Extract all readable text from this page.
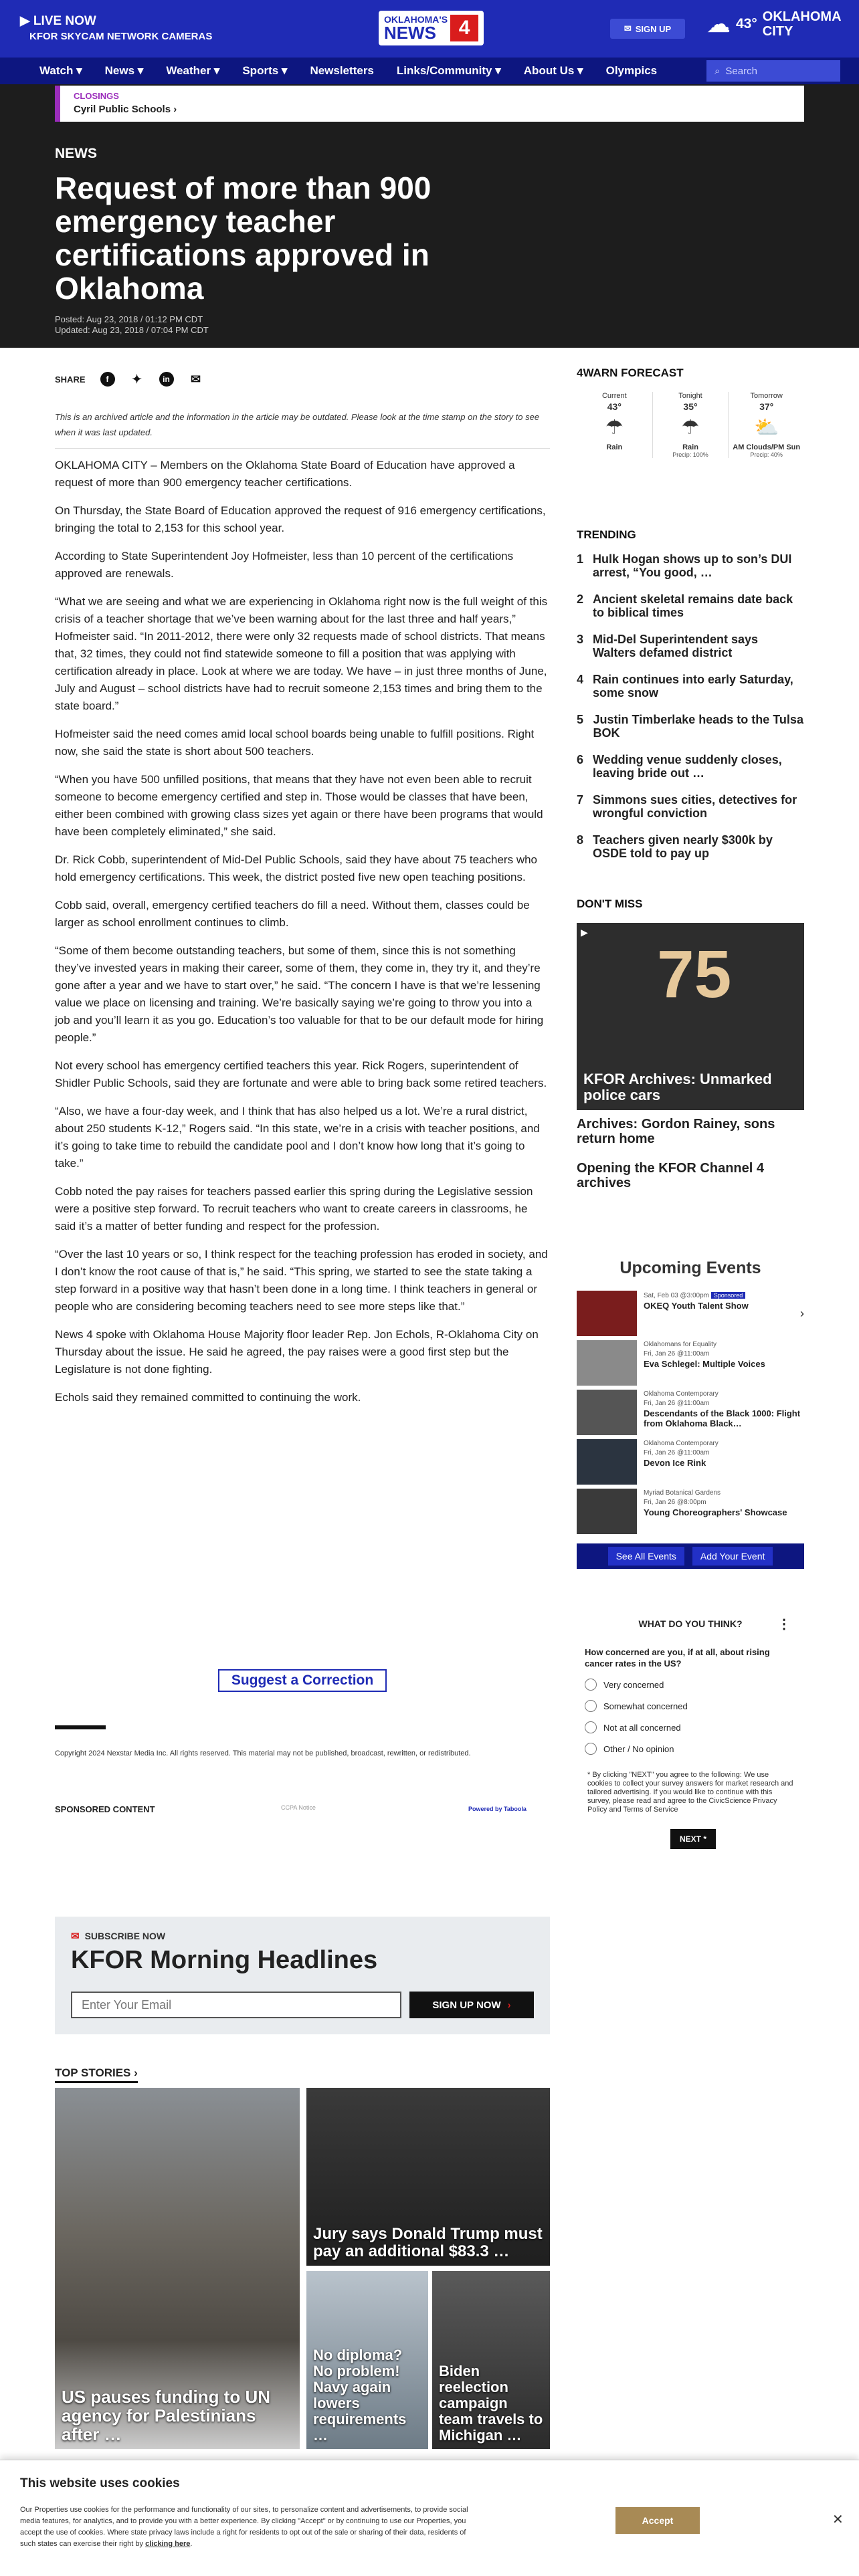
▶ LIVE NOW
KFOR SKYCAM NETWORK CAMERAS
OKLAHOMA'S
NEWS	4	✉ SIGN UP ☁ 43° OKLAHOMA
CITY
Watch ▾	News ▾	Weather ▾	Sports ▾	Newsletters	Links/Community ▾	About Us ▾	Olympics	⌕ Search
CLOSINGS
Cyril Public Schools ›
NEWS
Request of more than 900 emergency teacher certifications approved in Oklahoma
Posted: Aug 23, 2018 / 01:12 PM CDT
Updated: Aug 23, 2018 / 07:04 PM CDT
SHARE	f	✦	in	✉
This is an archived article and the information in the article may be outdated. Please look at the time stamp on the story to see when it was last updated.

OKLAHOMA CITY – Members on the Oklahoma State Board of Education have approved a request of more than 900 emergency teacher certifications.

On Thursday, the State Board of Education approved the request of 916 emergency certifications, bringing the total to 2,153 for this school year.

According to State Superintendent Joy Hofmeister, less than 10 percent of the certifications approved are renewals.

“What we are seeing and what we are experiencing in Oklahoma right now is the full weight of this crisis of a teacher shortage that we’ve been warning about for the last three and half years,” Hofmeister said. “In 2011-2012, there were only 32 requests made of school districts. That means that, 32 times, they could not find statewide someone to fill a position that was applying with certification already in place. Look at where we are today. We have – in just three months of June, July and August – school districts have had to recruit someone 2,153 times and bring them to the state board.”

Hofmeister said the need comes amid local school boards being unable to fulfill positions. Right now, she said the state is short about 500 teachers.

“When you have 500 unfilled positions, that means that they have not even been able to recruit someone to become emergency certified and step in. Those would be classes that have been, either been combined with growing class sizes yet again or there have been programs that would have been completely eliminated,” she said.

Dr. Rick Cobb, superintendent of Mid-Del Public Schools, said they have about 75 teachers who hold emergency certifications. This week, the district posted five new open teaching positions.

Cobb said, overall, emergency certified teachers do fill a need. Without them, classes could be larger as school enrollment continues to climb.

“Some of them become outstanding teachers, but some of them, since this is not something they’ve invested years in making their career, some of them, they come in, they try it, and they’re gone after a year and we have to start over,” he said. “The concern I have is that we’re lessening value we place on licensing and training. We’re basically saying we’re going to throw you into a job and you’ll learn it as you go. Education’s too valuable for that to be our default mode for hiring people.”

Not every school has emergency certified teachers this year. Rick Rogers, superintendent of Shidler Public Schools, said they are fortunate and were able to bring back some retired teachers.

“Also, we have a four-day week, and I think that has also helped us a lot. We’re a rural district, about 250 students K-12,” Rogers said. “In this state, we’re in a crisis with teacher positions, and it’s going to take time to rebuild the candidate pool and I don’t know how long that it’s going to take.”

Cobb noted the pay raises for teachers passed earlier this spring during the Legislative session were a positive step forward. To recruit teachers who want to create careers in classrooms, he said it’s a matter of better funding and respect for the profession.

“Over the last 10 years or so, I think respect for the teaching profession has eroded in society, and I don’t know the root cause of that is,” he said. “This spring, we started to see the state taking a step forward in a positive way that hasn’t been done in a long time. I think teachers in general or people who are considering becoming teachers need to see more steps like that.”

News 4 spoke with Oklahoma House Majority floor leader Rep. Jon Echols, R-Oklahoma City on Thursday about the issue. He said he agreed, the pay raises were a good first step but the Legislature is not done fighting.

Echols said they remained committed to continuing the work.

Suggest a Correction
Copyright 2024 Nexstar Media Inc. All rights reserved. This material may not be published, broadcast, rewritten, or redistributed.
SPONSORED CONTENT	CCPA Notice	Powered by Taboola
✉ SUBSCRIBE NOW
KFOR Morning Headlines
Enter Your Email	SIGN UP NOW ›
TOP STORIES ›
US pauses funding to UN agency for Palestinians after …
Jury says Donald Trump must pay an additional $83.3 …
No diploma? No problem! Navy again lowers requirements …
Biden reelection campaign team travels to Michigan …
4WARN FORECAST
Current
43°
☂
Rain
Tonight
35°
☂
Rain
Precip: 100%
Tomorrow
37°
⛅
AM Clouds/PM Sun
Precip: 40%
TRENDING
1 Hulk Hogan shows up to son’s DUI arrest, “You good, …
2 Ancient skeletal remains date back to biblical times
3 Mid-Del Superintendent says Walters defamed district
4 Rain continues into early Saturday, some snow
5 Justin Timberlake heads to the Tulsa BOK
6 Wedding venue suddenly closes, leaving bride out …
7 Simmons sues cities, detectives for wrongful conviction
8 Teachers given nearly $300k by OSDE told to pay up
DON'T MISS
▶
75
KFOR Archives: Unmarked police cars
Archives: Gordon Rainey, sons return home
Opening the KFOR Channel 4 archives
Upcoming Events
Sat, Feb 03 @3:00pm Sponsored
OKEQ Youth Talent Show
›
Oklahomans for Equality
Fri, Jan 26 @11:00am
Eva Schlegel: Multiple Voices
Oklahoma Contemporary
Fri, Jan 26 @11:00am
Descendants of the Black 1000: Flight from Oklahoma Black…
Oklahoma Contemporary
Fri, Jan 26 @11:00am
Devon Ice Rink
Myriad Botanical Gardens
Fri, Jan 26 @8:00pm
Young Choreographers' Showcase
See All Events	Add Your Event
WHAT DO YOU THINK?	⋮
How concerned are you, if at all, about rising cancer rates in the US?
Very concerned
Somewhat concerned
Not at all concerned
Other / No opinion
* By clicking "NEXT" you agree to the following: We use cookies to collect your survey answers for market research and tailored advertising. If you would like to continue with this survey, please read and agree to the CivicScience Privacy Policy and Terms of Service
NEXT *
This website uses cookies
Our Properties use cookies for the performance and functionality of our sites, to personalize content and advertisements, to provide social media features, for analytics, and to provide you with a better experience. By clicking "Accept" or by continuing to use our Properties, you accept the use of cookies. Where state privacy laws include a right for residents to opt out of the sale or sharing of their data, residents of such states can exercise their right by clicking here.
Accept	✕
